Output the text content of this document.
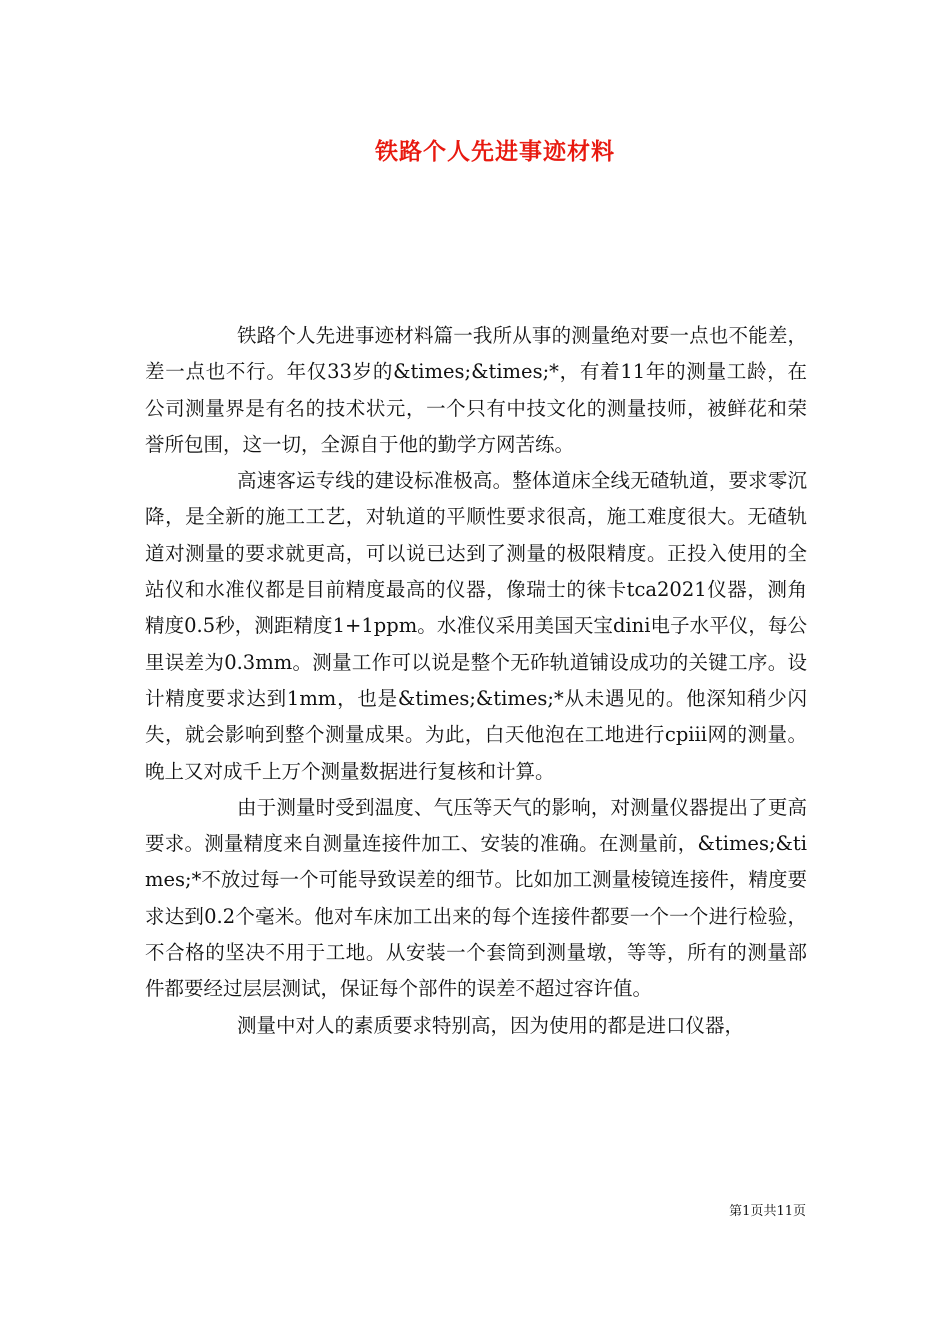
铁路个人先进事迹材料

铁路个人先进事迹材料篇一我所从事的测量绝对要一点也不能差，差一点也不行。年仅33岁的&times;&times;*，有着11年的测量工龄，在公司测量界是有名的技术状元，一个只有中技文化的测量技师，被鲜花和荣誉所包围，这一切，全源自于他的勤学方网苦练。

高速客运专线的建设标准极高。整体道床全线无碴轨道，要求零沉降，是全新的施工工艺，对轨道的平顺性要求很高，施工难度很大。无碴轨道对测量的要求就更高，可以说已达到了测量的极限精度。正投入使用的全站仪和水准仪都是目前精度最高的仪器，像瑞士的徕卡tca2021仪器，测角精度0.5秒，测距精度1+1ppm。水准仪采用美国天宝dini电子水平仪，每公里误差为0.3mm。测量工作可以说是整个无砟轨道铺设成功的关键工序。设计精度要求达到1mm，也是&times;&times;*从未遇见的。他深知稍少闪失，就会影响到整个测量成果。为此，白天他泡在工地进行cpiii网的测量。晚上又对成千上万个测量数据进行复核和计算。

由于测量时受到温度、气压等天气的影响，对测量仪器提出了更高要求。测量精度来自测量连接件加工、安装的准确。在测量前，&times;&times;*不放过每一个可能导致误差的细节。比如加工测量棱镜连接件，精度要求达到0.2个毫米。他对车床加工出来的每个连接件都要一个一个进行检验，不合格的坚决不用于工地。从安装一个套筒到测量墩，等等，所有的测量部件都要经过层层测试，保证每个部件的误差不超过容许值。

测量中对人的素质要求特别高，因为使用的都是进口仪器，

第1页共11页
